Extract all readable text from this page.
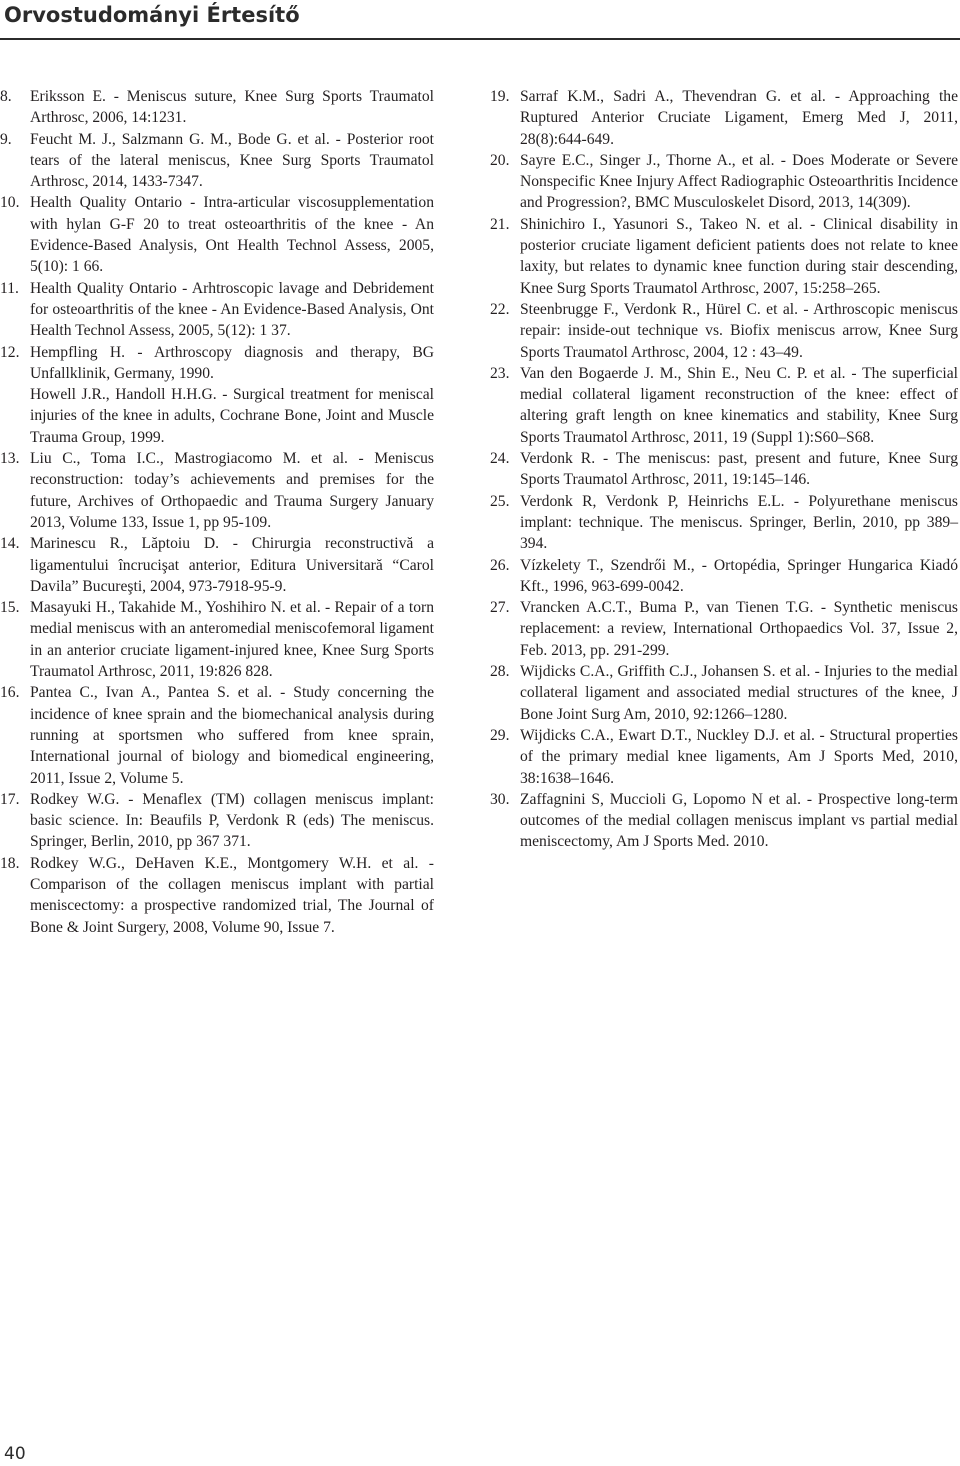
Orvostudományi Értesítő

8. Eriksson E. - Meniscus suture, Knee Surg Sports Traumatol Arthrosc, 2006, 14:1231.

9. Feucht M. J., Salzmann G. M., Bode G. et al. - Posterior root tears of the lateral meniscus, Knee Surg Sports Traumatol Arthrosc, 2014, 1433-7347.

10. Health Quality Ontario - Intra-articular viscosupplementation with hylan G-F 20 to treat osteoarthritis of the knee - An Evidence-Based Analysis, Ont Health Technol Assess, 2005, 5(10): 1 66.

11. Health Quality Ontario - Arhtroscopic lavage and Debridement for osteoarthritis of the knee - An Evidence-Based Analysis, Ont Health Technol Assess, 2005, 5(12): 1 37.

12. Hempfling H. - Arthroscopy diagnosis and therapy, BG Unfallklinik, Germany, 1990.

Howell J.R., Handoll H.H.G. - Surgical treatment for meniscal injuries of the knee in adults, Cochrane Bone, Joint and Muscle Trauma Group, 1999.

13. Liu C., Toma I.C., Mastrogiacomo M. et al. - Meniscus reconstruction: today’s achievements and premises for the future, Archives of Orthopaedic and Trauma Surgery January 2013, Volume 133, Issue 1, pp 95-109.

14. Marinescu R., Lăptoiu D. - Chirurgia reconstructivă a ligamentului încrucişat anterior, Editura Universitară “Carol Davila” Bucureşti, 2004, 973-7918-95-9.

15. Masayuki H., Takahide M., Yoshihiro N. et al. - Repair of a torn medial meniscus with an anteromedial meniscofemoral ligament in an anterior cruciate ligament-injured knee, Knee Surg Sports Traumatol Arthrosc, 2011, 19:826 828.

16. Pantea C., Ivan A., Pantea S. et al. - Study concerning the incidence of knee sprain and the biomechanical analysis during running at sportsmen who suffered from knee sprain, International journal of biology and biomedical engineering, 2011, Issue 2, Volume 5.

17. Rodkey W.G. - Menaflex (TM) collagen meniscus implant: basic science. In: Beaufils P, Verdonk R (eds) The meniscus. Springer, Berlin, 2010, pp 367 371.

18. Rodkey W.G., DeHaven K.E., Montgomery W.H. et al. - Comparison of the collagen meniscus implant with partial meniscectomy: a prospective randomized trial, The Journal of Bone & Joint Surgery, 2008, Volume 90, Issue 7.

19. Sarraf K.M., Sadri A., Thevendran G. et al. - Approaching the Ruptured Anterior Cruciate Ligament, Emerg Med J, 2011, 28(8):644-649.

20. Sayre E.C., Singer J., Thorne A., et al. - Does Moderate or Severe Nonspecific Knee Injury Affect Radiographic Osteoarthritis Incidence and Progression?, BMC Musculoskelet Disord, 2013, 14(309).

21. Shinichiro I., Yasunori S., Takeo N. et al. - Clinical disability in posterior cruciate ligament deficient patients does not relate to knee laxity, but relates to dynamic knee function during stair descending, Knee Surg Sports Traumatol Arthrosc, 2007, 15:258–265.

22. Steenbrugge F., Verdonk R., Hürel C. et al. - Arthroscopic meniscus repair: inside-out technique vs. Biofix meniscus arrow, Knee Surg Sports Traumatol Arthrosc, 2004, 12 : 43–49.

23. Van den Bogaerde J. M., Shin E., Neu C. P. et al. - The superficial medial collateral ligament reconstruction of the knee: effect of altering graft length on knee kinematics and stability, Knee Surg Sports Traumatol Arthrosc, 2011, 19 (Suppl 1):S60–S68.

24. Verdonk R. - The meniscus: past, present and future, Knee Surg Sports Traumatol Arthrosc, 2011, 19:145–146.

25. Verdonk R, Verdonk P, Heinrichs E.L. - Polyurethane meniscus implant: technique. The meniscus. Springer, Berlin, 2010, pp 389–394.

26. Vízkelety T., Szendrői M., - Ortopédia, Springer Hungarica Kiadó Kft., 1996, 963-699-0042.

27. Vrancken A.C.T., Buma P., van Tienen T.G. - Synthetic meniscus replacement: a review, International Orthopaedics Vol. 37, Issue 2, Feb. 2013, pp. 291-299.

28. Wijdicks C.A., Griffith C.J., Johansen S. et al. - Injuries to the medial collateral ligament and associated medial structures of the knee, J Bone Joint Surg Am, 2010, 92:1266–1280.

29. Wijdicks C.A., Ewart D.T., Nuckley D.J. et al. - Structural properties of the primary medial knee ligaments, Am J Sports Med, 2010, 38:1638–1646.

30. Zaffagnini S, Muccioli G, Lopomo N et al. - Prospective long-term outcomes of the medial collagen meniscus implant vs partial medial meniscectomy, Am J Sports Med. 2010.

40
